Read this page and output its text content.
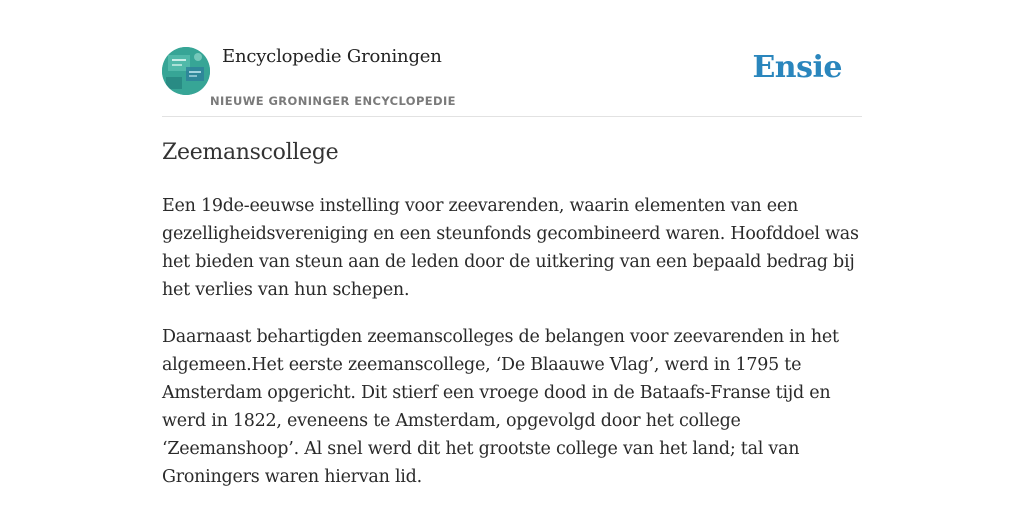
Encyclopedie Groningen
NIEUWE GRONINGER ENCYCLOPEDIE
Ensie
Zeemanscollege

Een 19de-eeuwse instelling voor zeevarenden, waarin elementen van een gezelligheidsvereniging en een steunfonds gecombineerd waren. Hoofddoel was het bieden van steun aan de leden door de uitkering van een bepaald bedrag bij het verlies van hun schepen.

Daarnaast behartigden zeemanscolleges de belangen voor zeevarenden in het algemeen.Het eerste zeemanscollege, ‘De Blaauwe Vlag’, werd in 1795 te Amsterdam opgericht. Dit stierf een vroege dood in de Bataafs-Franse tijd en werd in 1822, eveneens te Amsterdam, opgevolgd door het college ‘Zeemanshoop’. Al snel werd dit het grootste college van het land; tal van Groningers waren hiervan lid.
